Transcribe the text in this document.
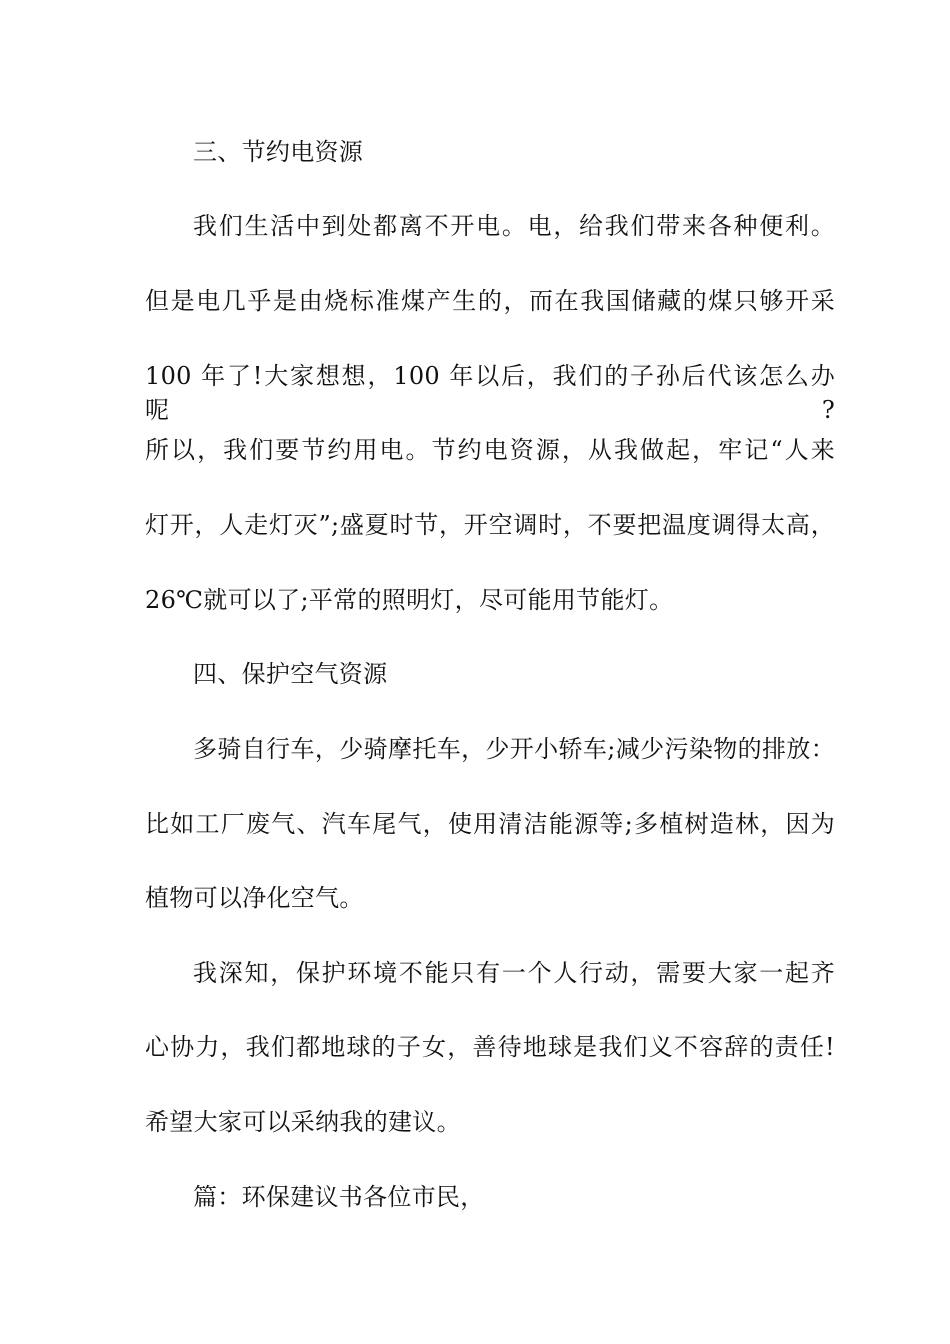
三、节约电资源
我们生活中到处都离不开电。电，给我们带来各种便利。
但是电几乎是由烧标准煤产生的，而在我国储藏的煤只够开采
100 年了!大家想想，100 年以后，我们的子孙后代该怎么办呢?
所以，我们要节约用电。节约电资源，从我做起，牢记“人来
灯开，人走灯灭”;盛夏时节，开空调时，不要把温度调得太高，
26℃就可以了;平常的照明灯，尽可能用节能灯。
四、保护空气资源
多骑自行车，少骑摩托车，少开小轿车;减少污染物的排放：
比如工厂废气、汽车尾气，使用清洁能源等;多植树造林，因为
植物可以净化空气。
我深知，保护环境不能只有一个人行动，需要大家一起齐
心协力，我们都地球的子女，善待地球是我们义不容辞的责任!
希望大家可以采纳我的建议。
篇：环保建议书各位市民，
